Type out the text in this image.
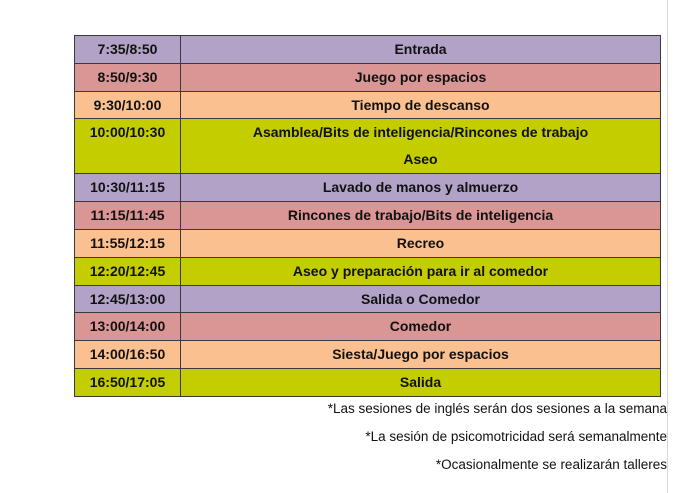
7:35/8:50	Entrada
8:50/9:30	Juego por espacios
9:30/10:00	Tiempo de descanso

10:00/10:30	Asamblea/Bits de inteligencia/Rincones de trabajo
Aseo

10:30/11:15	Lavado de manos y almuerzo
11:15/11:45	Rincones de trabajo/Bits de inteligencia
11:55/12:15	Recreo
12:20/12:45	Aseo y preparación para ir al comedor
12:45/13:00	Salida o Comedor
13:00/14:00	Comedor
14:00/16:50	Siesta/Juego por espacios
16:50/17:05	Salida
*Las sesiones de inglés serán dos sesiones a la semana
*La sesión de psicomotricidad será semanalmente
*Ocasionalmente se realizarán talleres
